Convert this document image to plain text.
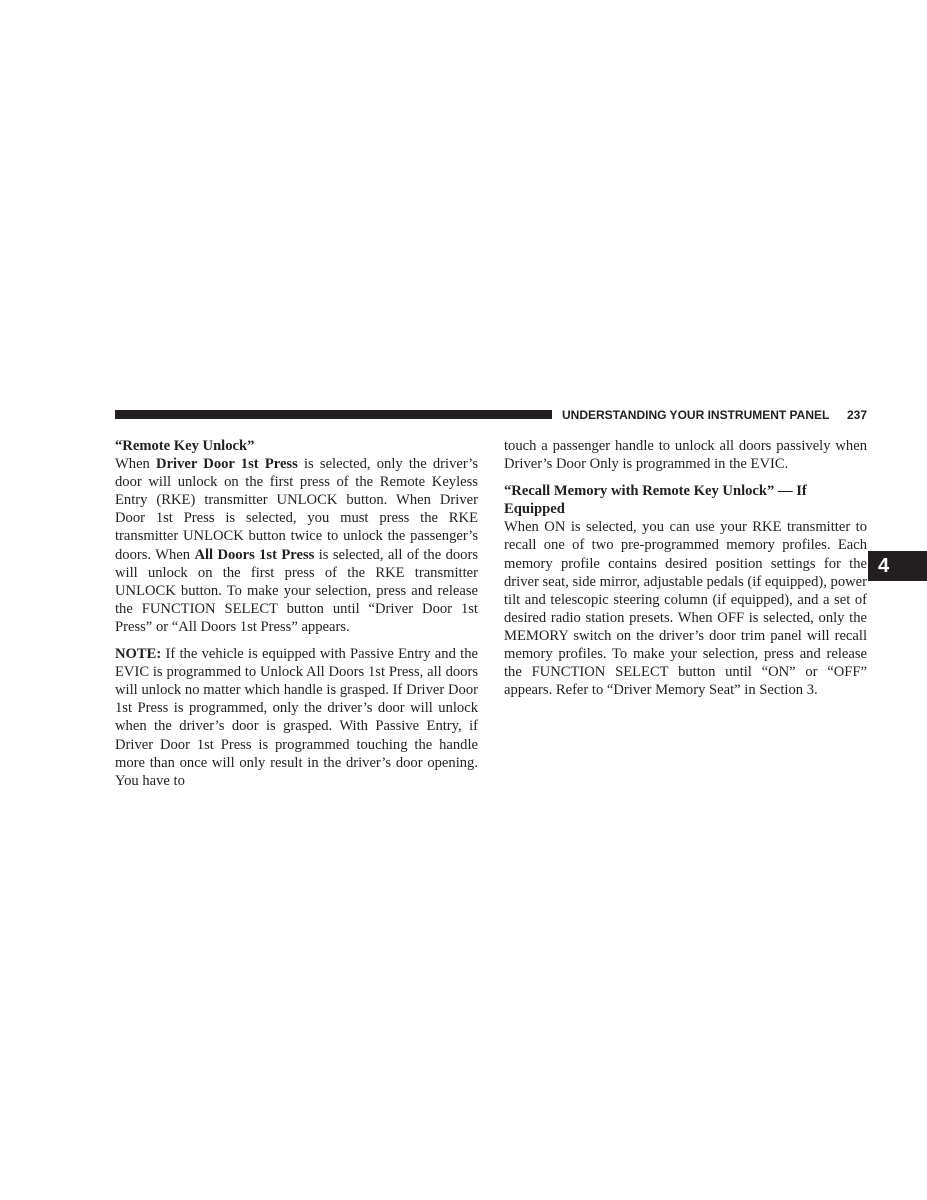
UNDERSTANDING YOUR INSTRUMENT PANEL 237

“Remote Key Unlock”

When Driver Door 1st Press is selected, only the driver’s door will unlock on the first press of the Remote Keyless Entry (RKE) transmitter UNLOCK button. When Driver Door 1st Press is selected, you must press the RKE transmitter UNLOCK button twice to unlock the passenger’s doors. When All Doors 1st Press is selected, all of the doors will unlock on the first press of the RKE transmitter UNLOCK button. To make your selection, press and release the FUNCTION SELECT button until “Driver Door 1st Press” or “All Doors 1st Press” appears.

NOTE: If the vehicle is equipped with Passive Entry and the EVIC is programmed to Unlock All Doors 1st Press, all doors will unlock no matter which handle is grasped. If Driver Door 1st Press is programmed, only the driver’s door will unlock when the driver’s door is grasped. With Passive Entry, if Driver Door 1st Press is programmed touching the handle more than once will only result in the driver’s door opening. You have to

touch a passenger handle to unlock all doors passively when Driver’s Door Only is programmed in the EVIC.

“Recall Memory with Remote Key Unlock” — If Equipped

When ON is selected, you can use your RKE transmitter to recall one of two pre-programmed memory profiles. Each memory profile contains desired position settings for the driver seat, side mirror, adjustable pedals (if equipped), power tilt and telescopic steering column (if equipped), and a set of desired radio station presets. When OFF is selected, only the MEMORY switch on the driver’s door trim panel will recall memory profiles. To make your selection, press and release the FUNCTION SELECT button until “ON” or “OFF” appears. Refer to “Driver Memory Seat” in Section 3.

4
